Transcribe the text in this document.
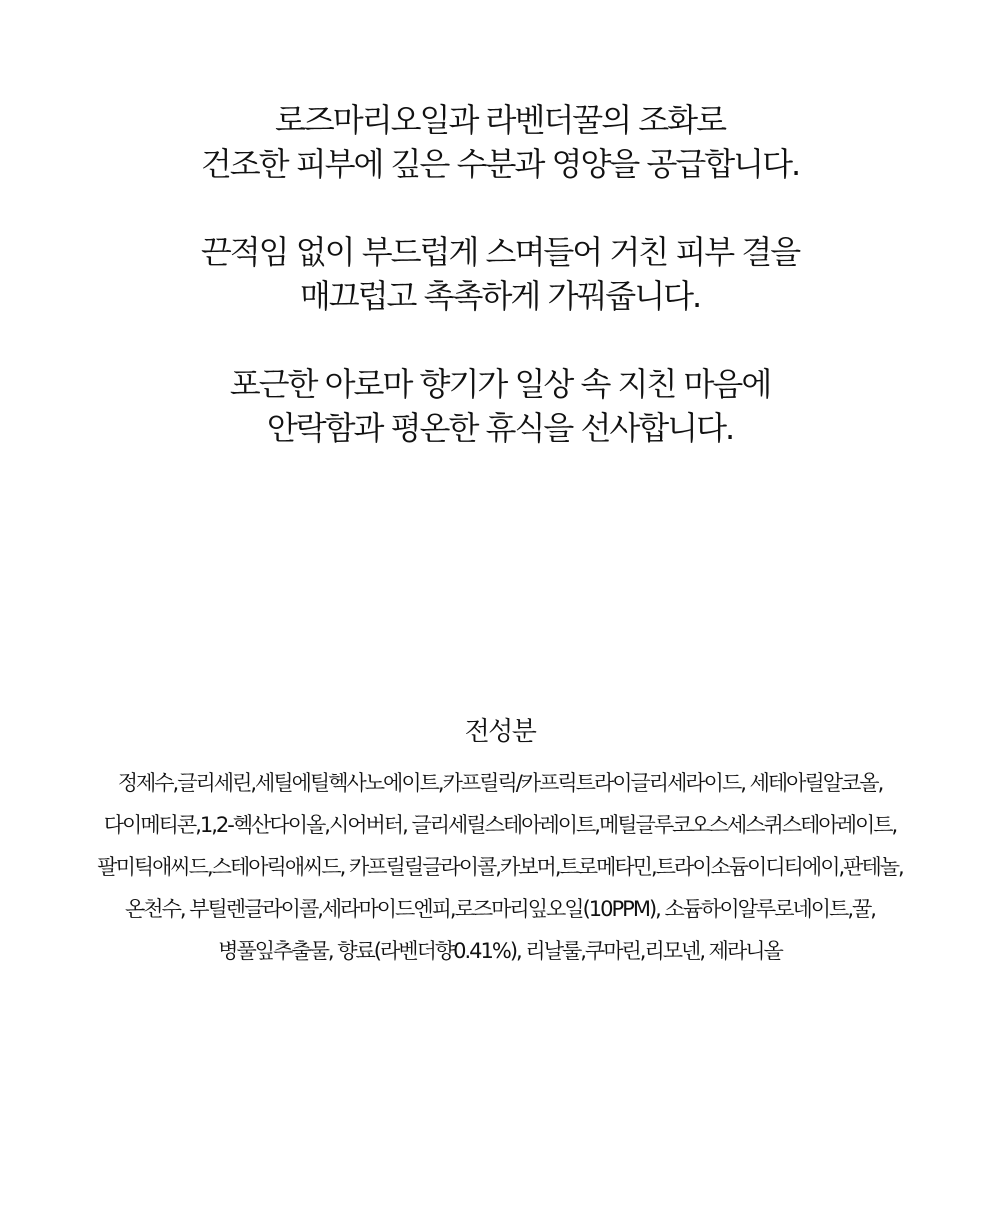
로즈마리오일과 라벤더꿀의 조화로
건조한 피부에 깊은 수분과 영양을 공급합니다.

끈적임 없이 부드럽게 스며들어 거친 피부 결을
매끄럽고 촉촉하게 가꿔줍니다.

포근한 아로마 향기가 일상 속 지친 마음에
안락함과 평온한 휴식을 선사합니다.

전성분
정제수,글리세린,세틸에틸헥사노에이트,카프릴릭/카프릭트라이글리세라이드, 세테아릴알코올,
다이메티콘,1,2-헥산다이올,시어버터, 글리세릴스테아레이트,메틸글루코오스세스퀴스테아레이트,
팔미틱애씨드,스테아릭애씨드, 카프릴릴글라이콜,카보머,트로메타민,트라이소듐이디티에이,판테놀,
온천수, 부틸렌글라이콜,세라마이드엔피,로즈마리잎오일(10PPM), 소듐하이알루로네이트,꿀,
병풀잎추출물, 향료(라벤더향0.41%), 리날룰,쿠마린,리모넨, 제라니올
